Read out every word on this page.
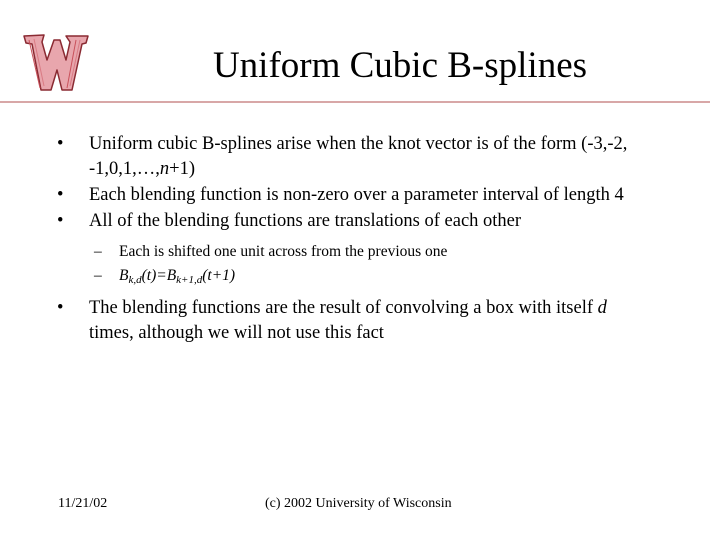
Uniform Cubic B-splines
• Uniform cubic B-splines arise when the knot vector is of the form (-3,-2,
-1,0,1,…,n+1)
• Each blending function is non-zero over a parameter interval of length 4
• All of the blending functions are translations of each other
– Each is shifted one unit across from the previous one
– $B_{k,d}(t)=B_{k+1,d}(t+1)$
• The blending functions are the result of convolving a box with itself d
times, although we will not use this fact
11/21/02	(c) 2002 University of Wisconsin
